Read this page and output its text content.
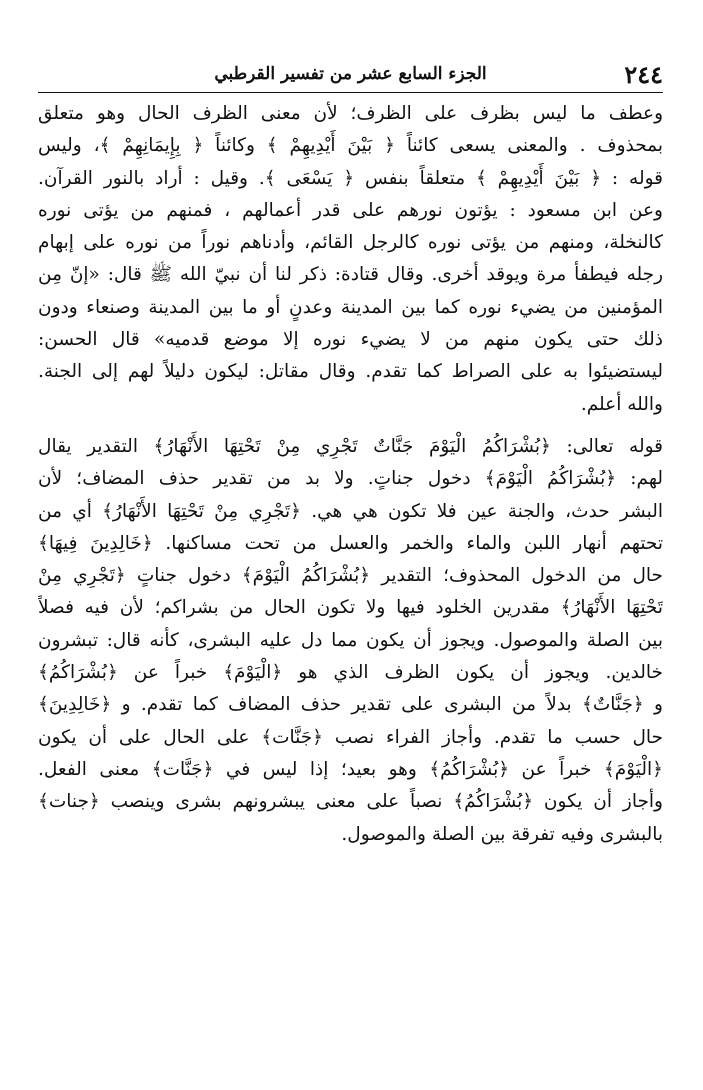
٢٤٤
الجزء السابع عشر من تفسير القرطبي

وعطف ما ليس بظرف على الظرف؛ لأن معنى الظرف الحال وهو متعلق
بمحذوف . والمعنى يسعى كائناً ﴿ بَيْنَ أَيْدِيهِمْ ﴾ وكائناً ﴿ بِإِيمَانِهِمْ ﴾، وليس
قوله : ﴿ بَيْنَ أَيْدِيهِمْ ﴾ متعلقاً بنفس ﴿ يَسْعَى ﴾. وقيل : أراد بالنور القرآن.
وعن ابن مسعود : يؤتون نورهم على قدر أعمالهم ، فمنهم من يؤتى نوره
كالنخلة، ومنهم من يؤتى نوره كالرجل القائم، وأدناهم نوراً من نوره على إبهام
رجله فيطفأ مرة ويوقد أخرى. وقال قتادة: ذكر لنا أن نبيّ الله ﷺ قال: «إنّ مِن
المؤمنين من يضيء نوره كما بين المدينة وعدنٍ أو ما بين المدينة وصنعاء ودون
ذلك حتى يكون منهم من لا يضيء نوره إلا موضع قدميه» قال الحسن:
ليستضيئوا به على الصراط كما تقدم. وقال مقاتل: ليكون دليلاً لهم إلى الجنة.
والله أعلم.

قوله تعالى: ﴿بُشْرَاكُمُ الْيَوْمَ جَنَّاتٌ تَجْرِي مِنْ تَحْتِهَا الأَنْهَارُ﴾ التقدير يقال
لهم: ﴿بُشْرَاكُمُ الْيَوْمَ﴾ دخول جناتٍ. ولا بد من تقدير حذف المضاف؛ لأن
البشر حدث، والجنة عين فلا تكون هي هي. ﴿تَجْرِي مِنْ تَحْتِهَا الأَنْهَارُ﴾ أي من
تحتهم أنهار اللبن والماء والخمر والعسل من تحت مساكنها. ﴿خَالِدِينَ فِيهَا﴾
حال من الدخول المحذوف؛ التقدير ﴿بُشْرَاكُمُ الْيَوْمَ﴾ دخول جناتٍ ﴿تَجْرِي مِنْ
تَحْتِهَا الأَنْهَارُ﴾ مقدرين الخلود فيها ولا تكون الحال من بشراكم؛ لأن فيه فصلاً
بين الصلة والموصول. ويجوز أن يكون مما دل عليه البشرى، كأنه قال: تبشرون
خالدين. ويجوز أن يكون الظرف الذي هو ﴿الْيَوْمَ﴾ خبراً عن ﴿بُشْرَاكُمُ﴾
و ﴿جَنَّاتٌ﴾ بدلاً من البشرى على تقدير حذف المضاف كما تقدم. و ﴿خَالِدِينَ﴾
حال حسب ما تقدم. وأجاز الفراء نصب ﴿جَنَّات﴾ على الحال على أن يكون
﴿الْيَوْمَ﴾ خبراً عن ﴿بُشْرَاكُمُ﴾ وهو بعيد؛ إذا ليس في ﴿جَنَّات﴾ معنى الفعل.
وأجاز أن يكون ﴿بُشْرَاكُمُ﴾ نصباً على معنى يبشرونهم بشرى وينصب ﴿جنات﴾
بالبشرى وفيه تفرقة بين الصلة والموصول.
